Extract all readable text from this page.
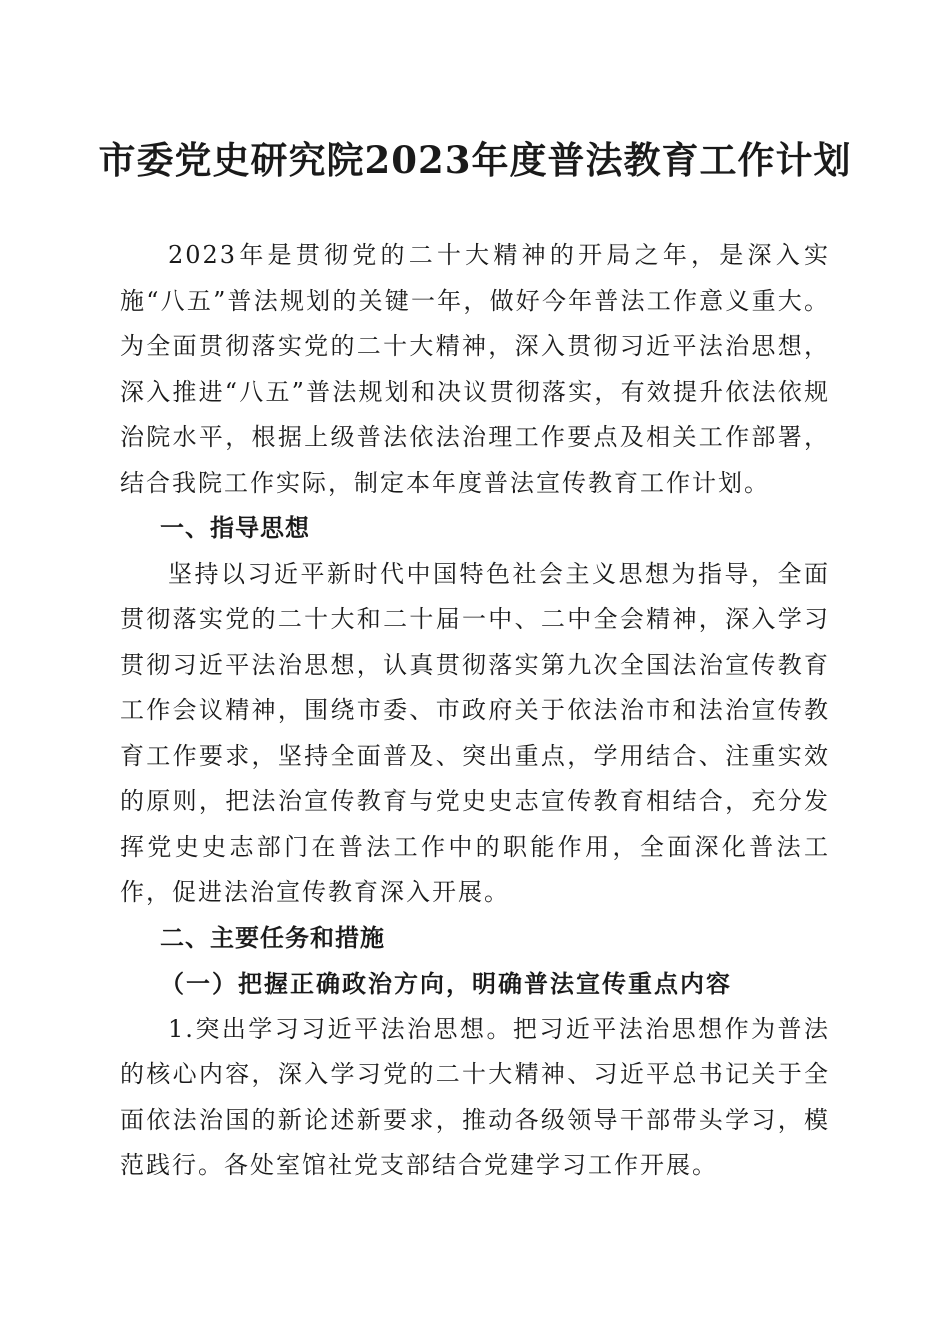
市委党史研究院2023年度普法教育工作计划

2023年是贯彻党的二十大精神的开局之年，是深入实施“八五”普法规划的关键一年，做好今年普法工作意义重大。为全面贯彻落实党的二十大精神，深入贯彻习近平法治思想，深入推进“八五”普法规划和决议贯彻落实，有效提升依法依规治院水平，根据上级普法依法治理工作要点及相关工作部署，结合我院工作实际，制定本年度普法宣传教育工作计划。

一、指导思想

坚持以习近平新时代中国特色社会主义思想为指导，全面贯彻落实党的二十大和二十届一中、二中全会精神，深入学习贯彻习近平法治思想，认真贯彻落实第九次全国法治宣传教育工作会议精神，围绕市委、市政府关于依法治市和法治宣传教育工作要求，坚持全面普及、突出重点，学用结合、注重实效的原则，把法治宣传教育与党史史志宣传教育相结合，充分发挥党史史志部门在普法工作中的职能作用，全面深化普法工作，促进法治宣传教育深入开展。

二、主要任务和措施

（一）把握正确政治方向，明确普法宣传重点内容

1.突出学习习近平法治思想。把习近平法治思想作为普法的核心内容，深入学习党的二十大精神、习近平总书记关于全面依法治国的新论述新要求，推动各级领导干部带头学习，模范践行。各处室馆社党支部结合党建学习工作开展。
